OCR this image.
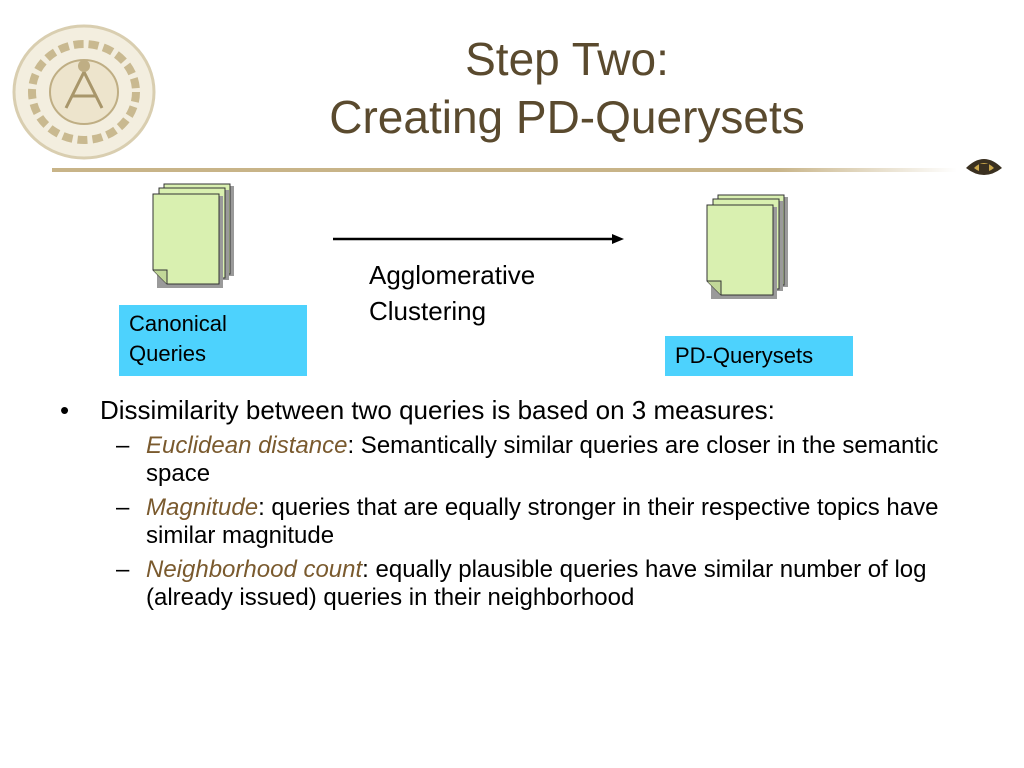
Step Two:
Creating PD-Querysets
Canonical
Queries	PD-Querysets
Agglomerative
Clustering
• Dissimilarity between two queries is based on 3 measures:
– Euclidean distance: Semantically similar queries are closer in the semantic space
– Magnitude: queries that are equally stronger in their respective topics have similar magnitude
– Neighborhood count: equally plausible queries have similar number of log (already issued) queries in their neighborhood
